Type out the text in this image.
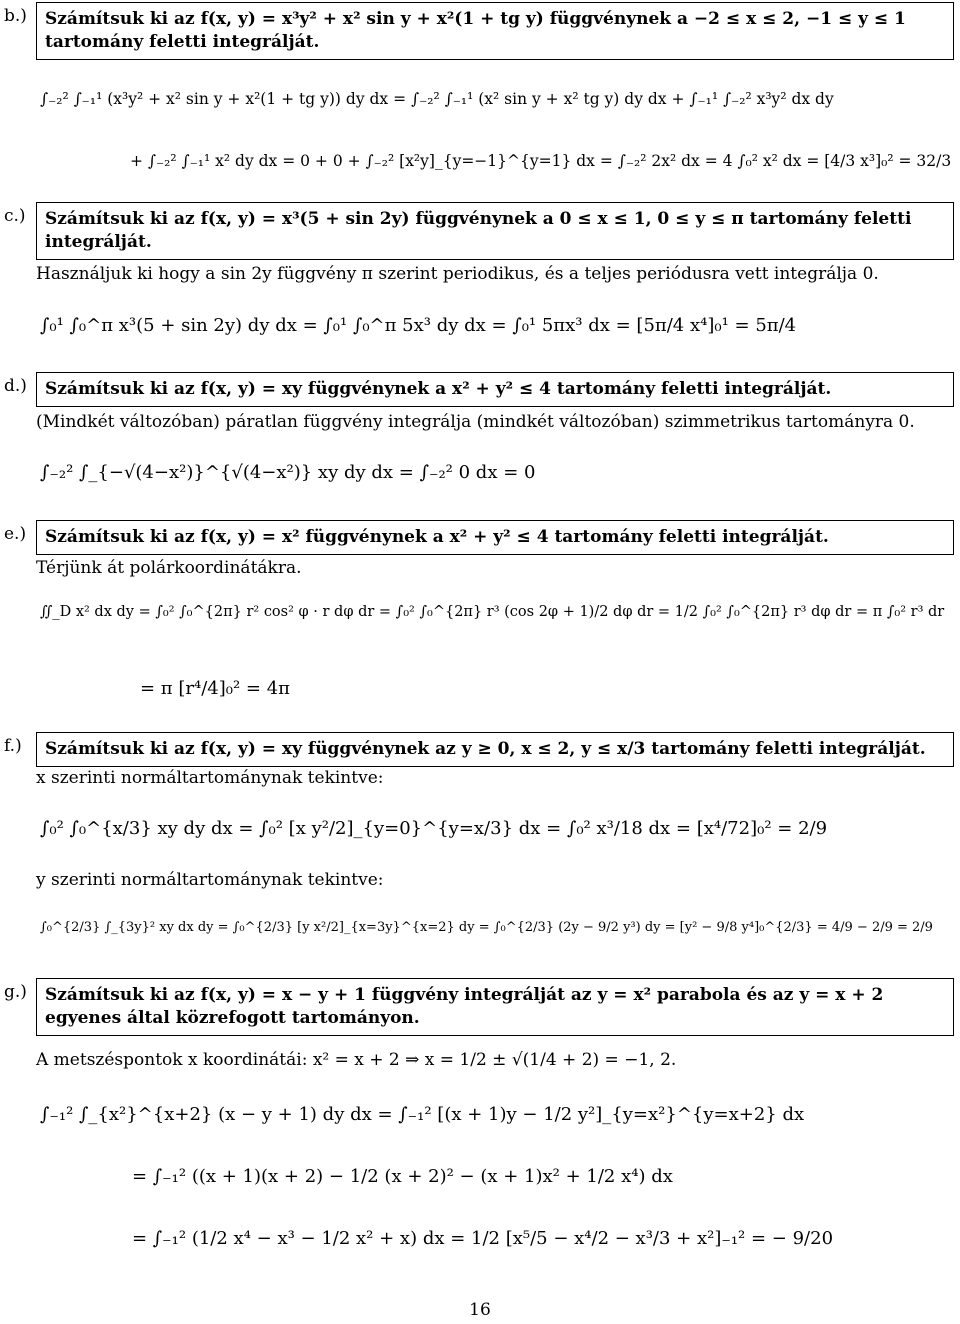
b.)	Számítsuk ki az f(x, y) = x³y² + x² sin y + x²(1 + tg y) függvénynek a −2 ≤ x ≤ 2, −1 ≤ y ≤ 1 tartomány feletti integrálját.
∫₋₂² ∫₋₁¹ (x³y² + x² sin y + x²(1 + tg y)) dy dx = ∫₋₂² ∫₋₁¹ (x² sin y + x² tg y) dy dx + ∫₋₁¹ ∫₋₂² x³y² dx dy
+ ∫₋₂² ∫₋₁¹ x² dy dx = 0 + 0 + ∫₋₂² [x²y]_{y=−1}^{y=1} dx = ∫₋₂² 2x² dx = 4 ∫₀² x² dx = [4/3 x³]₀² = 32/3
c.)	Számítsuk ki az f(x, y) = x³(5 + sin 2y) függvénynek a 0 ≤ x ≤ 1, 0 ≤ y ≤ π tartomány feletti integrálját.
Használjuk ki hogy a sin 2y függvény π szerint periodikus, és a teljes periódusra vett integrálja 0.
∫₀¹ ∫₀^π x³(5 + sin 2y) dy dx = ∫₀¹ ∫₀^π 5x³ dy dx = ∫₀¹ 5πx³ dx = [5π/4 x⁴]₀¹ = 5π/4
d.)	Számítsuk ki az f(x, y) = xy függvénynek a x² + y² ≤ 4 tartomány feletti integrálját.
(Mindkét változóban) páratlan függvény integrálja (mindkét változóban) szimmetrikus tartományra 0.
∫₋₂² ∫_{−√(4−x²)}^{√(4−x²)} xy dy dx = ∫₋₂² 0 dx = 0
e.)	Számítsuk ki az f(x, y) = x² függvénynek a x² + y² ≤ 4 tartomány feletti integrálját.
Térjünk át polárkoordinátákra.
∬_D x² dx dy = ∫₀² ∫₀^{2π} r² cos² φ · r dφ dr = ∫₀² ∫₀^{2π} r³ (cos 2φ + 1)/2 dφ dr = 1/2 ∫₀² ∫₀^{2π} r³ dφ dr = π ∫₀² r³ dr
= π [r⁴/4]₀² = 4π
f.)	Számítsuk ki az f(x, y) = xy függvénynek az y ≥ 0, x ≤ 2, y ≤ x/3 tartomány feletti integrálját.
x szerinti normáltartománynak tekintve:
∫₀² ∫₀^{x/3} xy dy dx = ∫₀² [x y²/2]_{y=0}^{y=x/3} dx = ∫₀² x³/18 dx = [x⁴/72]₀² = 2/9
y szerinti normáltartománynak tekintve:
∫₀^{2/3} ∫_{3y}² xy dx dy = ∫₀^{2/3} [y x²/2]_{x=3y}^{x=2} dy = ∫₀^{2/3} (2y − 9/2 y³) dy = [y² − 9/8 y⁴]₀^{2/3} = 4/9 − 2/9 = 2/9
g.)	Számítsuk ki az f(x, y) = x − y + 1 függvény integrálját az y = x² parabola és az y = x + 2 egyenes által közrefogott tartományon.
A metszéspontok x koordinátái: x² = x + 2 ⇒ x = 1/2 ± √(1/4 + 2) = −1, 2.
∫₋₁² ∫_{x²}^{x+2} (x − y + 1) dy dx = ∫₋₁² [(x + 1)y − 1/2 y²]_{y=x²}^{y=x+2} dx
= ∫₋₁² ((x + 1)(x + 2) − 1/2 (x + 2)² − (x + 1)x² + 1/2 x⁴) dx
= ∫₋₁² (1/2 x⁴ − x³ − 1/2 x² + x) dx = 1/2 [x⁵/5 − x⁴/2 − x³/3 + x²]₋₁² = − 9/20
16
